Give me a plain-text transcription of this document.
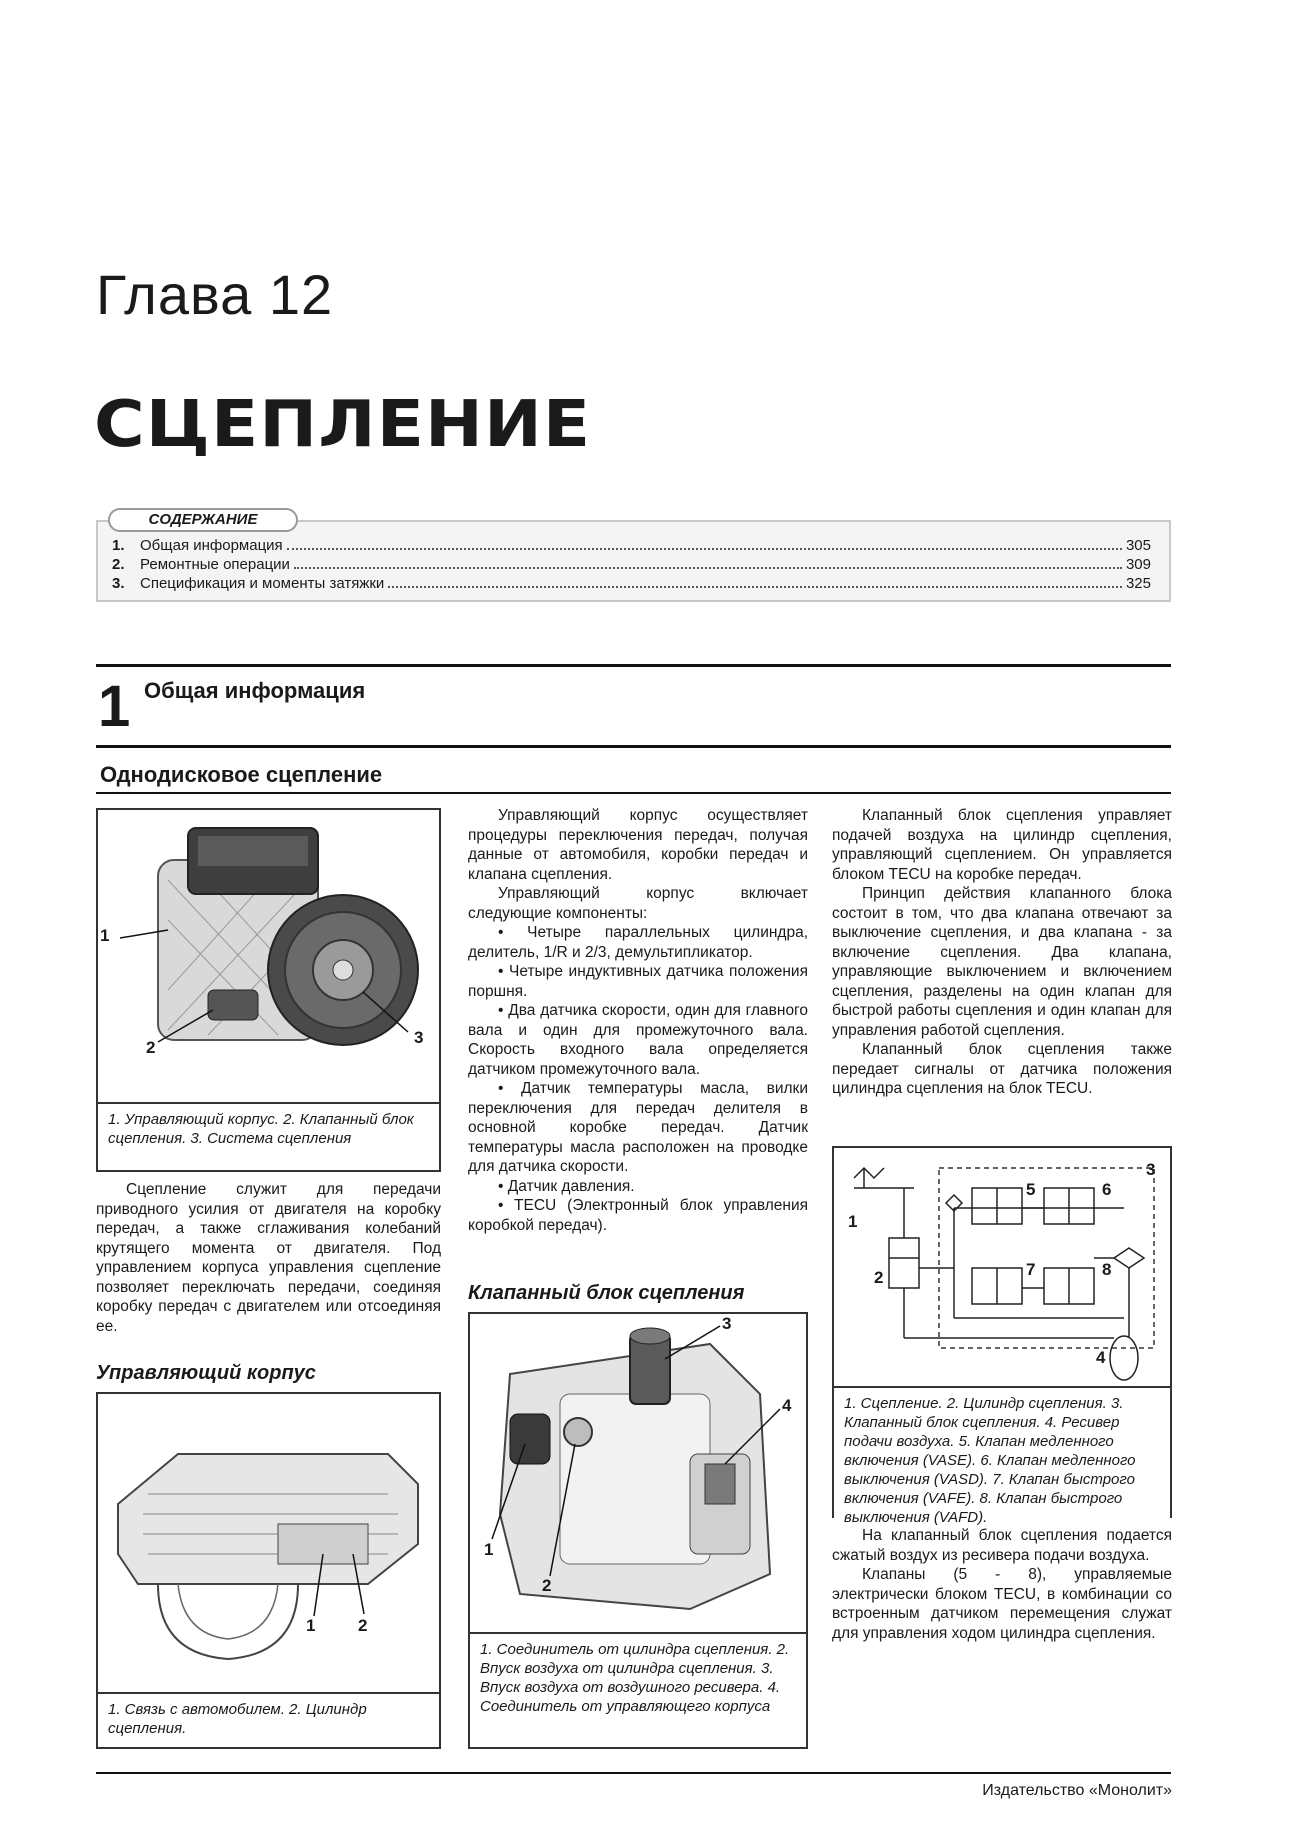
Глава 12
СЦЕПЛЕНИЕ
СОДЕРЖАНИЕ
1.	Общая информация	305
2.	Ремонтные операции	309
3.	Спецификация и моменты затяжки	325
1 Общая информация
Однодисковое сцепление
1
2
3
1. Управляющий корпус. 2. Клапанный блок сцепления. 3. Система сцепления

Сцепление служит для передачи приводного усилия от двигателя на коробку передач, а также сглаживания колебаний крутящего момента от двигателя. Под управлением корпуса управления сцепление позволяет переключать передачи, соединяя коробку передач с двигателем или отсоединяя ее.

Управляющий корпус
1	2
1. Связь с автомобилем. 2. Цилиндр сцепления.

Управляющий корпус осуществляет процедуры переключения передач, получая данные от автомобиля, коробки передач и клапана сцепления.

Управляющий корпус включает следующие компоненты:

• Четыре параллельных цилиндра, делитель, 1/R и 2/3, демультипликатор.

• Четыре индуктивных датчика положения поршня.

• Два датчика скорости, один для главного вала и один для промежуточного вала. Скорость входного вала определяется датчиком промежуточного вала.

• Датчик температуры масла, вилки переключения для передач делителя в основной коробке передач. Датчик температуры масла расположен на проводке для датчика скорости.

• Датчик давления.

• TECU (Электронный блок управления коробкой передач).

Клапанный блок сцепления
3
4
1
2
1. Соединитель от цилиндра сцепления. 2. Впуск воздуха от цилиндра сцепления. 3. Впуск воздуха от воздушного ресивера. 4. Соединитель от управляющего корпуса

Клапанный блок сцепления управляет подачей воздуха на цилиндр сцепления, управляющий сцеплением. Он управляется блоком TECU на коробке передач.

Принцип действия клапанного блока состоит в том, что два клапана отвечают за выключение сцепления, и два клапана - за включение сцепления. Два клапана, управляющие выключением и включением сцепления, разделены на один клапан для быстрой работы сцепления и один клапан для управления работой сцепления.

Клапанный блок сцепления также передает сигналы от датчика положения цилиндра сцепления на блок TECU.

1
2
3
4
5	6
7	8
1. Сцепление. 2. Цилиндр сцепления. 3. Клапанный блок сцепления. 4. Ресивер подачи воздуха. 5. Клапан медленного включения (VASE). 6. Клапан медленного выключения (VASD). 7. Клапан быстрого включения (VAFE). 8. Клапан быстрого выключения (VAFD).

На клапанный блок сцепления подается сжатый воздух из ресивера подачи воздуха.

Клапаны (5 - 8), управляемые электрически блоком TECU, в комбинации со встроенным датчиком перемещения служат для управления ходом цилиндра сцепления.

Издательство «Монолит»
